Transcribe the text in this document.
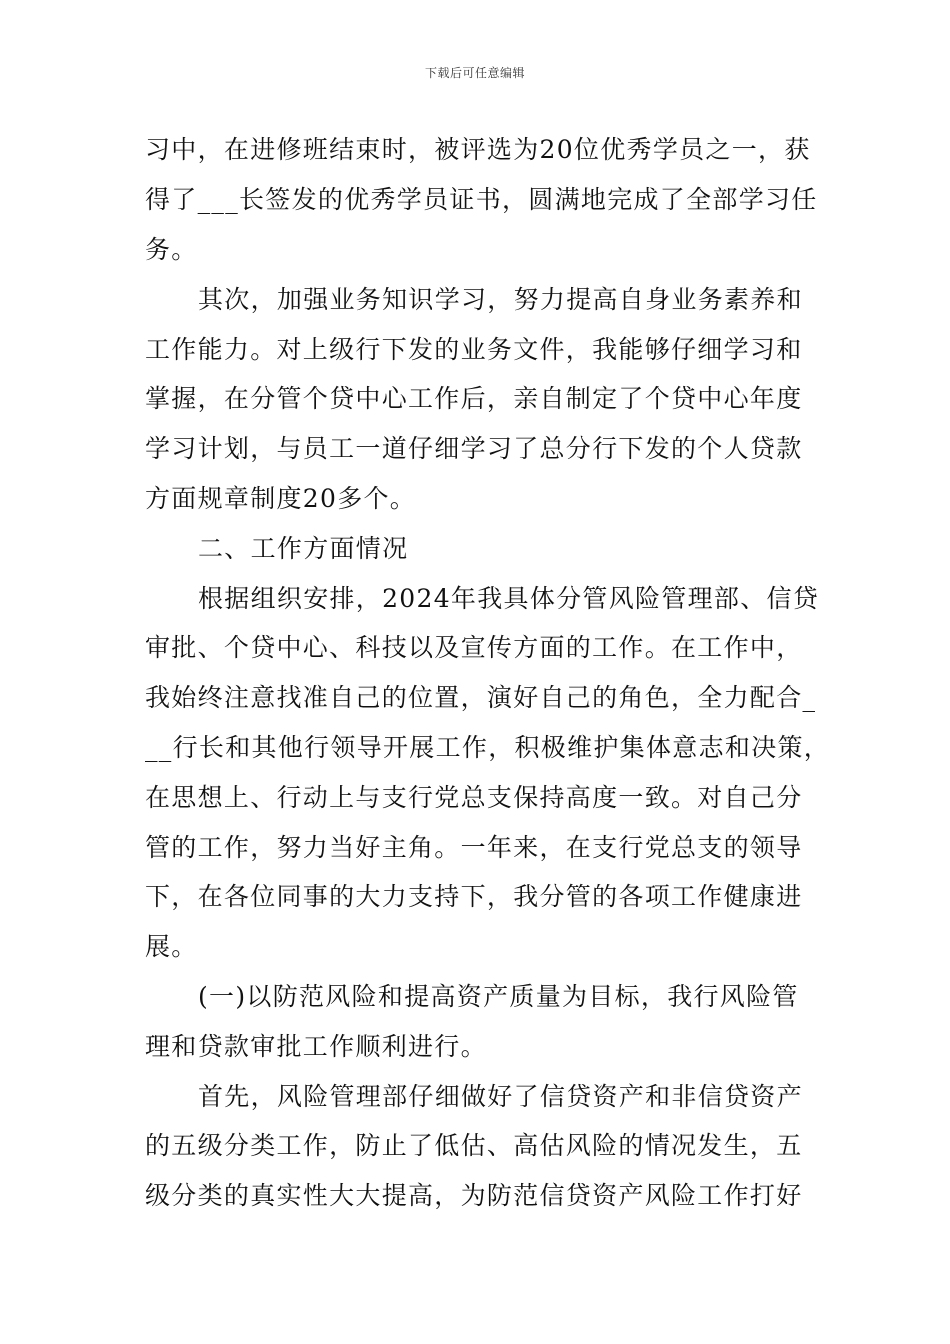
下载后可任意编辑
习中，在进修班结束时，被评选为20位优秀学员之一，获
得了___长签发的优秀学员证书，圆满地完成了全部学习任
务。
其次，加强业务知识学习，努力提高自身业务素养和
工作能力。对上级行下发的业务文件，我能够仔细学习和
掌握，在分管个贷中心工作后，亲自制定了个贷中心年度
学习计划，与员工一道仔细学习了总分行下发的个人贷款
方面规章制度20多个。
二、工作方面情况
根据组织安排，2024年我具体分管风险管理部、信贷
审批、个贷中心、科技以及宣传方面的工作。在工作中，
我始终注意找准自己的位置，演好自己的角色，全力配合_
__行长和其他行领导开展工作，积极维护集体意志和决策，
在思想上、行动上与支行党总支保持高度一致。对自己分
管的工作，努力当好主角。一年来，在支行党总支的领导
下，在各位同事的大力支持下，我分管的各项工作健康进
展。
(一)以防范风险和提高资产质量为目标，我行风险管
理和贷款审批工作顺利进行。
首先，风险管理部仔细做好了信贷资产和非信贷资产
的五级分类工作，防止了低估、高估风险的情况发生，五
级分类的真实性大大提高，为防范信贷资产风险工作打好
